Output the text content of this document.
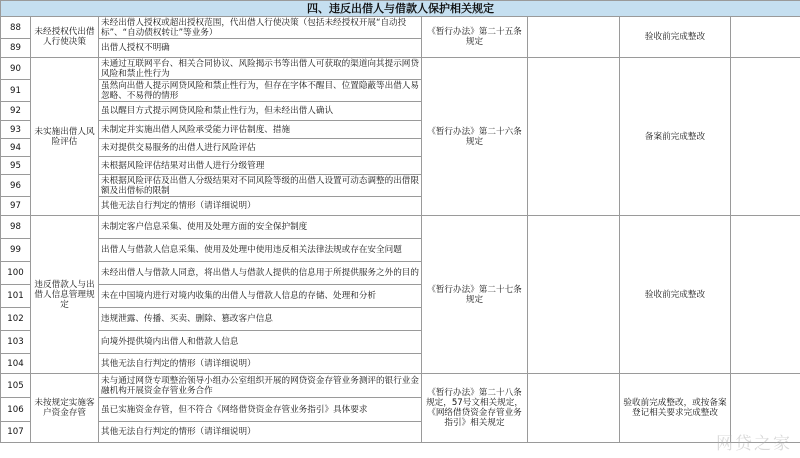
四、违反出借人与借款人保护相关规定						
88	未经授权代出借人行使决策	未经出借人授权或超出授权范围，代出借人行使决策（包括未经授权开展“自动投标”、“自动债权转让”等业务）	《暂行办法》第二十五条规定		验收前完成整改	
89		出借人授权不明确				
90	未实施出借人风险评估	未通过互联网平台、相关合同协议、风险揭示书等出借人可获取的渠道向其提示网贷风险和禁止性行为	《暂行办法》第二十六条规定		备案前完成整改	
91		虽然向出借人提示网贷风险和禁止性行为，但存在字体不醒目、位置隐蔽等出借人易忽略、不易得的情形				
92		虽以醒目方式提示网贷风险和禁止性行为，但未经出借人确认				
93		未制定并实施出借人风险承受能力评估制度、措施				
94		未对提供交易服务的出借人进行风险评估				
95		未根据风险评估结果对出借人进行分级管理				
96		未根据风险评估及出借人分级结果对不同风险等级的出借人设置可动态调整的出借限额及出借标的限制				
97		其他无法自行判定的情形（请详细说明）				
98	违反借款人与出借人信息管理规定	未制定客户信息采集、使用及处理方面的安全保护制度	《暂行办法》第二十七条规定		验收前完成整改	
99		出借人与借款人信息采集、使用及处理中使用违反相关法律法规或存在安全问题				
100		未经出借人与借款人同意，将出借人与借款人提供的信息用于所提供服务之外的目的				
101		未在中国境内进行对境内收集的出借人与借款人信息的存储、处理和分析				
102		违规泄露、传播、买卖、删除、篡改客户信息				
103		向境外提供境内出借人和借款人信息				
104		其他无法自行判定的情形（请详细说明）				
105	未按规定实施客户资金存管	未与通过网贷专项整治领导小组办公室组织开展的网贷资金存管业务测评的银行业金融机构开展资金存管业务合作	《暂行办法》第二十八条规定，57号文相关规定，《网络借贷资金存管业务指引》相关规定		验收前完成整改，或按备案登记相关要求完成整改	
106		虽已实施资金存管，但不符合《网络借贷资金存管业务指引》具体要求				
107		其他无法自行判定的情形（请详细说明）				
网贷之家
